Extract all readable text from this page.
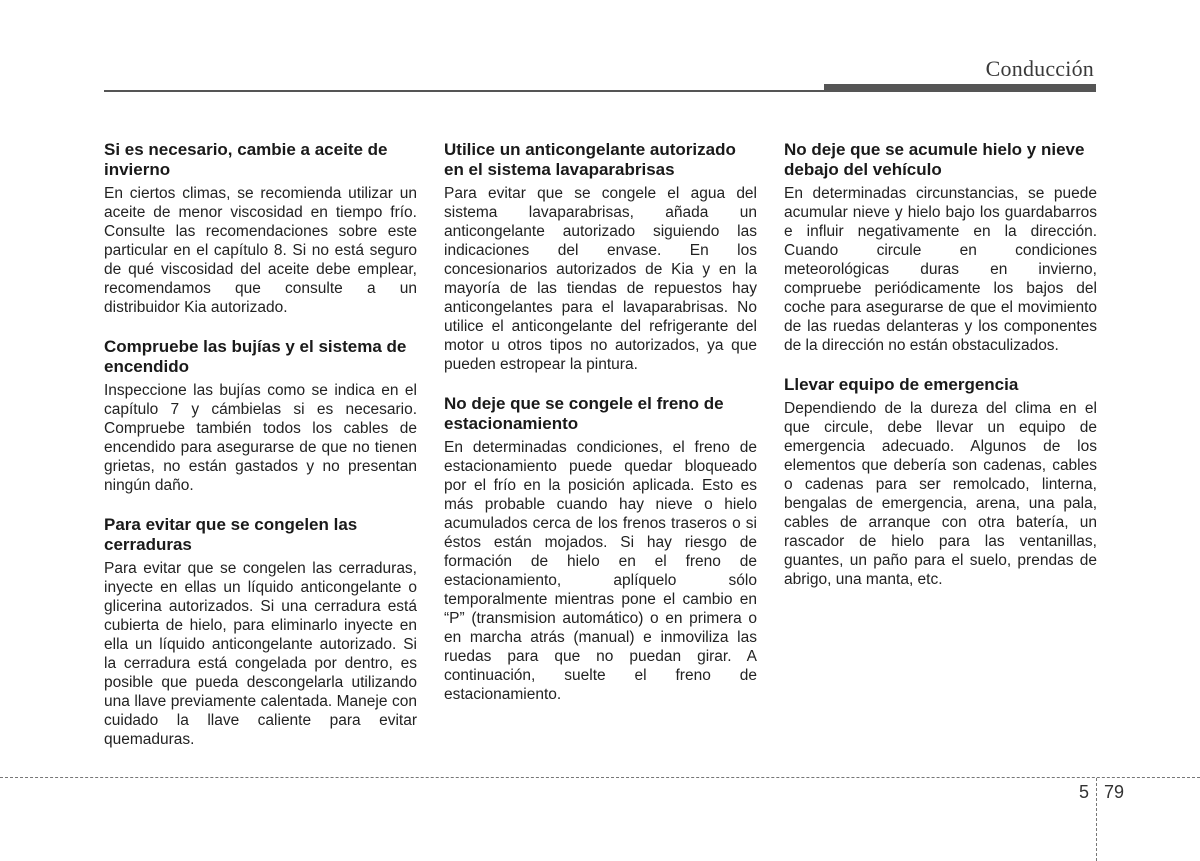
Conducción
Si es necesario, cambie a aceite de invierno

En ciertos climas, se recomienda utilizar un aceite de menor viscosidad en tiempo frío. Consulte las recomendaciones sobre este particular en el capítulo 8. Si no está seguro de qué viscosidad del aceite debe emplear, recomendamos que consulte a un distribuidor Kia autorizado.

Compruebe las bujías y el sistema de encendido

Inspeccione las bujías como se indica en el capítulo 7 y cámbielas si es necesario. Compruebe también todos los cables de encendido para asegurarse de que no tienen grietas, no están gastados y no presentan ningún daño.

Para evitar que se congelen las cerraduras

Para evitar que se congelen las cerraduras, inyecte en ellas un líquido anticongelante o glicerina autorizados. Si una cerradura está cubierta de hielo, para eliminarlo inyecte en ella un líquido anticongelante autorizado. Si la cerradura está congelada por dentro, es posible que pueda descongelarla utilizando una llave previamente calentada. Maneje con cuidado la llave caliente para evitar quemaduras.

Utilice un anticongelante autorizado en el sistema lavaparabrisas

Para evitar que se congele el agua del sistema lavaparabrisas, añada un anticongelante autorizado siguiendo las indicaciones del envase. En los concesionarios autorizados de Kia y en la mayoría de las tiendas de repuestos hay anticongelantes para el lavaparabrisas. No utilice el anticongelante del refrigerante del motor u otros tipos no autorizados, ya que pueden estropear la pintura.

No deje que se congele el freno de estacionamiento

En determinadas condiciones, el freno de estacionamiento puede quedar bloqueado por el frío en la posición aplicada. Esto es más probable cuando hay nieve o hielo acumulados cerca de los frenos traseros o si éstos están mojados. Si hay riesgo de formación de hielo en el freno de estacionamiento, aplíquelo sólo temporalmente mientras pone el cambio en “P” (transmision automático) o en primera o en marcha atrás (manual) e inmoviliza las ruedas para que no puedan girar. A continuación, suelte el freno de estacionamiento.

No deje que se acumule hielo y nieve debajo del vehículo

En determinadas circunstancias, se puede acumular nieve y hielo bajo los guardabarros e influir negativamente en la dirección. Cuando circule en condiciones meteorológicas duras en invierno, compruebe periódicamente los bajos del coche para asegurarse de que el movimiento de las ruedas delanteras y los componentes de la dirección no están obstaculizados.

Llevar equipo de emergencia

Dependiendo de la dureza del clima en el que circule, debe llevar un equipo de emergencia adecuado. Algunos de los elementos que debería son cadenas, cables o cadenas para ser remolcado, linterna, bengalas de emergencia, arena, una pala, cables de arranque con otra batería, un rascador de hielo para las ventanillas, guantes, un paño para el suelo, prendas de abrigo, una manta, etc.

5 79
